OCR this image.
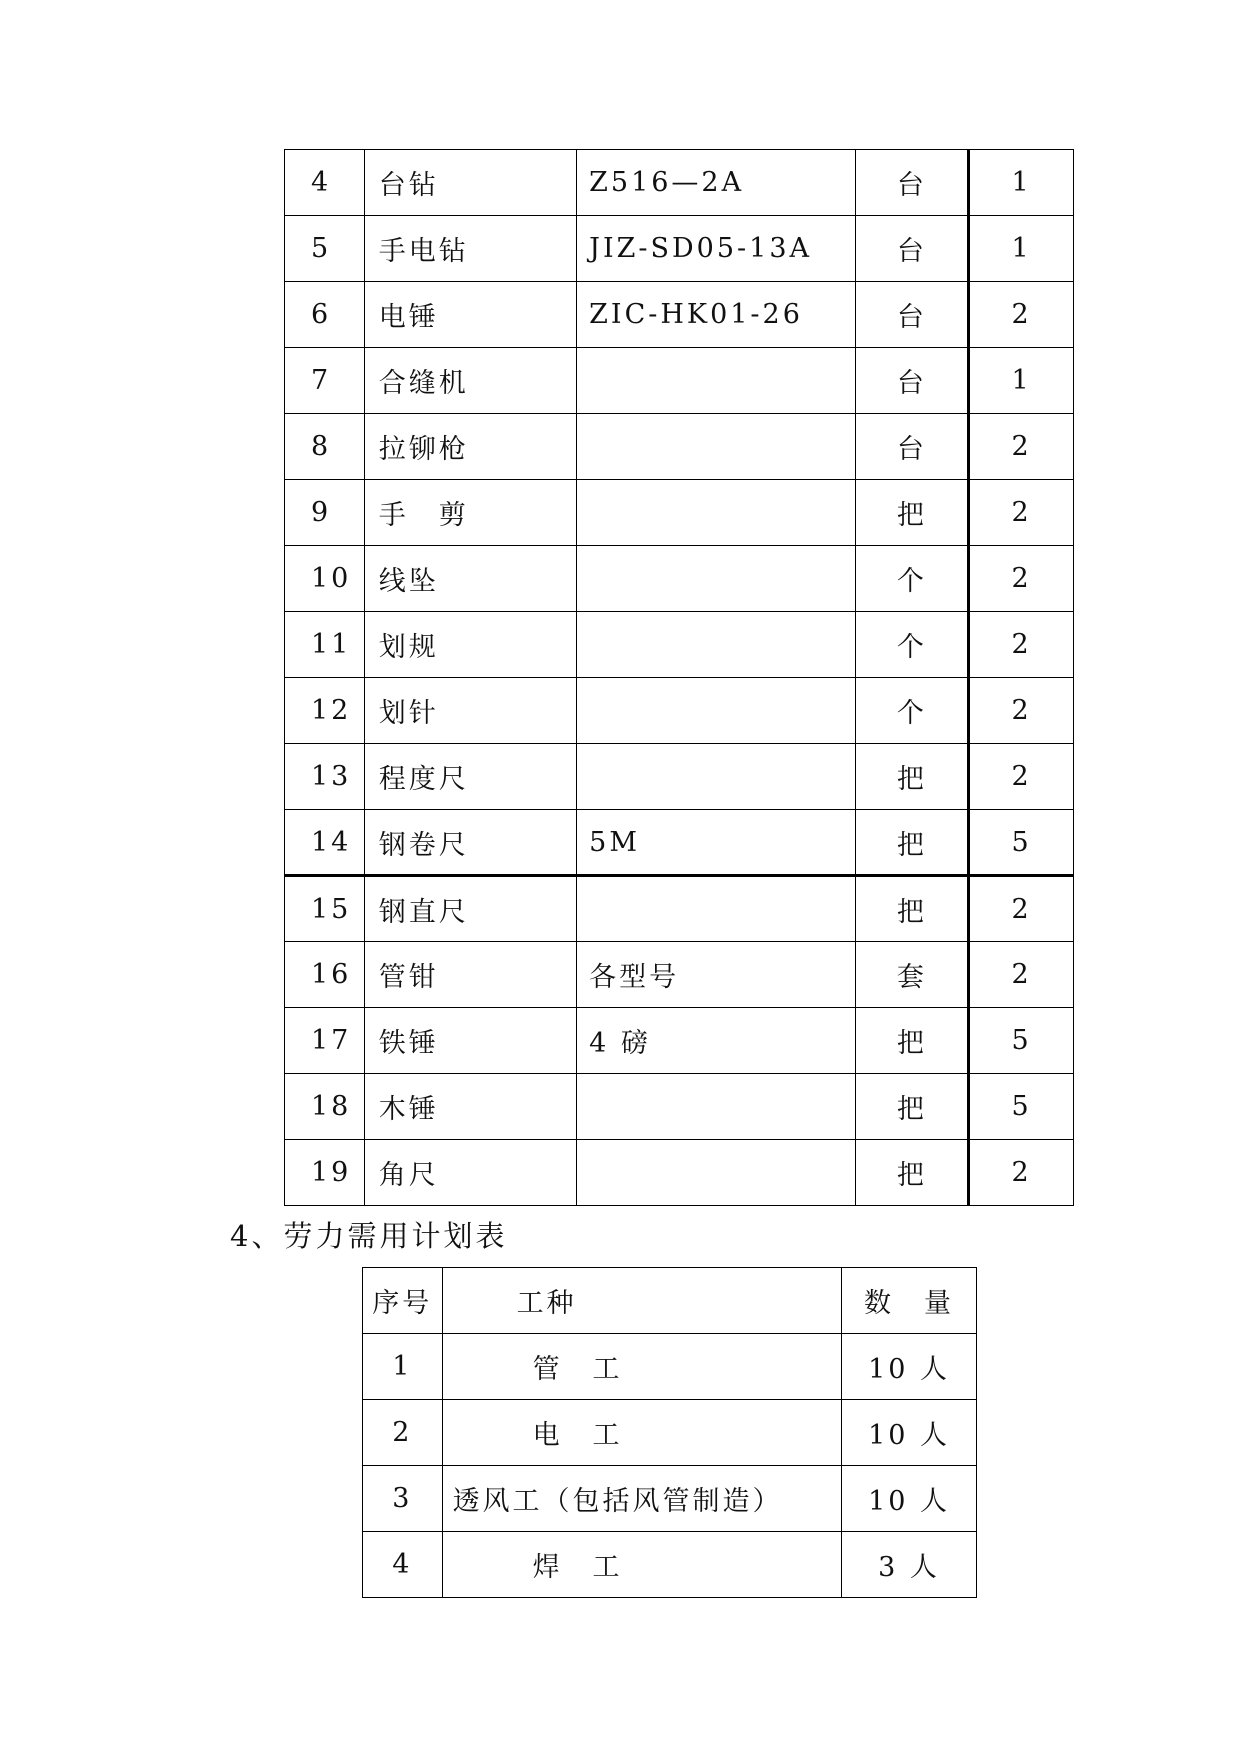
4	台钻	Z516—2A	台	1
5	手电钻	JIZ-SD05-13A	台	1
6	电锤	ZIC-HK01-26	台	2
7	合缝机		台	1
8	拉铆枪		台	2
9	手　剪		把	2
10	线坠		个	2
11	划规		个	2
12	划针		个	2
13	程度尺		把	2
14	钢卷尺	5M	把	5
15	钢直尺		把	2
16	管钳	各型号	套	2
17	铁锤	4 磅	把	5
18	木锤		把	5
19	角尺		把	2

4、劳力需用计划表

序号	工种	数　量
1	管　工	10 人
2	电　工	10 人
3	透风工（包括风管制造）	10 人
4	焊　工	3 人
